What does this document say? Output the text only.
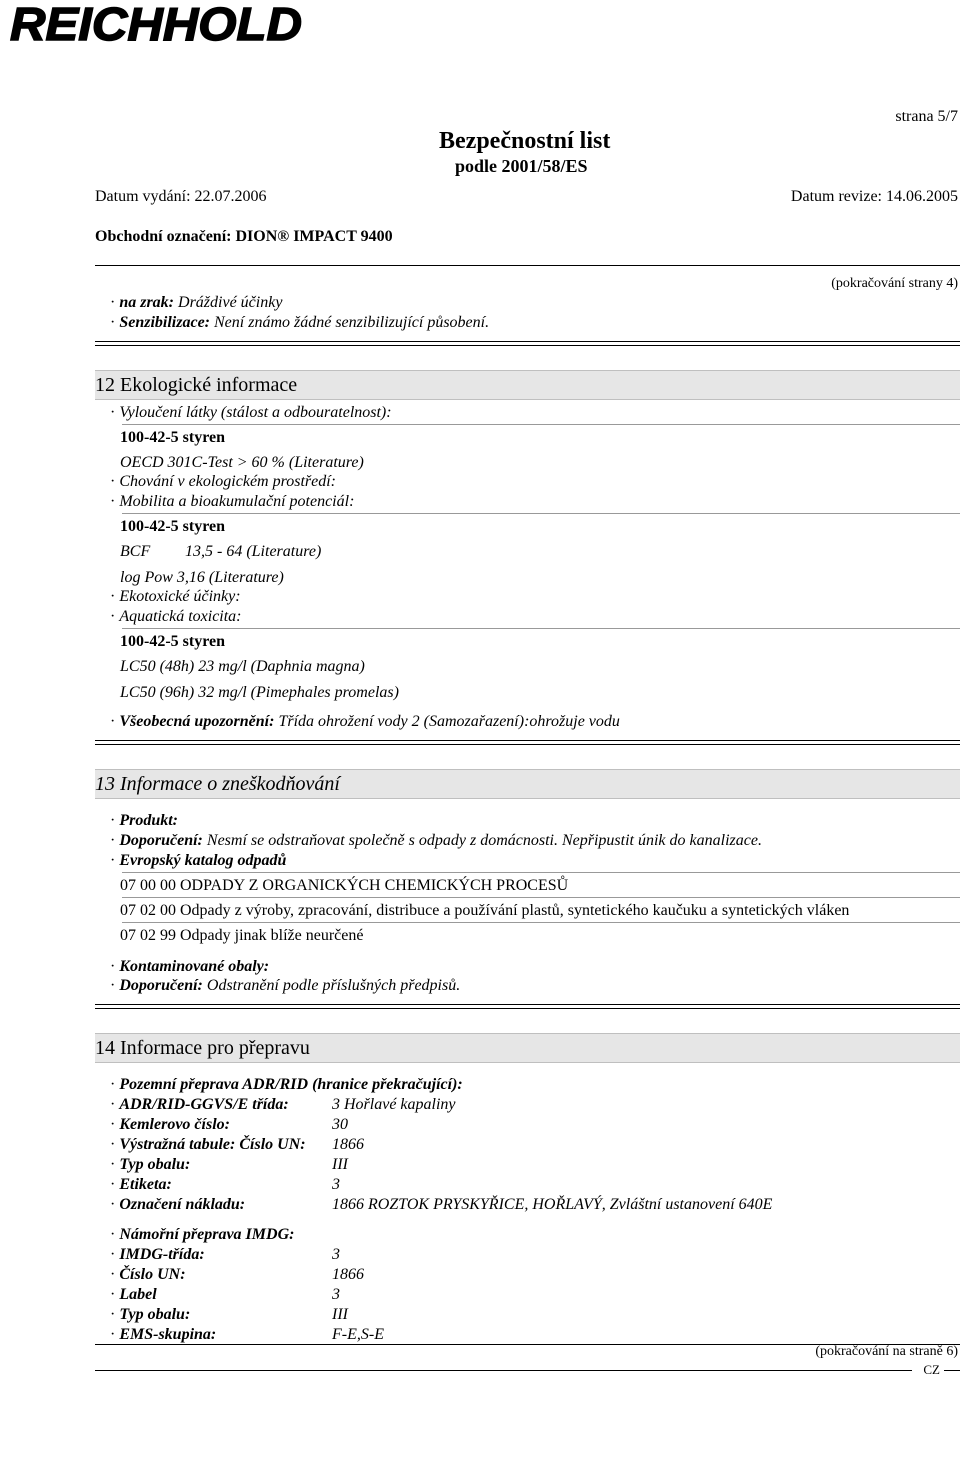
REICHHOLD
strana 5/7
Bezpečnostní list
podle 2001/58/ES
Datum vydání: 22.07.2006	Datum revize: 14.06.2005
Obchodní označení: DION® IMPACT 9400
(pokračování strany 4)
· na zrak: Dráždivé účinky
· Senzibilizace: Není známo žádné senzibilizující působení.
12 Ekologické informace
· Vyloučení látky (stálost a odbouratelnost):
100-42-5 styren
OECD 301C-Test > 60 % (Literature)
· Chování v ekologickém prostředí:
· Mobilita a bioakumulační potenciál:
100-42-5 styren
BCF 13,5 - 64 (Literature)
log Pow 3,16 (Literature)
· Ekotoxické účinky:
· Aquatická toxicita:
100-42-5 styren
LC50 (48h) 23 mg/l (Daphnia magna)
LC50 (96h) 32 mg/l (Pimephales promelas)
· Všeobecná upozornění: Třída ohrožení vody 2 (Samozařazení):ohrožuje vodu
13 Informace o zneškodňování
· Produkt:
· Doporučení: Nesmí se odstraňovat společně s odpady z domácnosti. Nepřipustit únik do kanalizace.
· Evropský katalog odpadů
07 00 00 ODPADY Z ORGANICKÝCH CHEMICKÝCH PROCESŮ
07 02 00 Odpady z výroby, zpracování, distribuce a používání plastů, syntetického kaučuku a syntetických vláken
07 02 99 Odpady jinak blíže neurčené
· Kontaminované obaly:
· Doporučení: Odstranění podle příslušných předpisů.
14 Informace pro přepravu
· Pozemní přeprava ADR/RID (hranice překračující):
· ADR/RID-GGVS/E třída:	3 Hořlavé kapaliny
· Kemlerovo číslo:	30
· Výstražná tabule: Číslo UN: 1866
· Typ obalu:	III
· Etiketa:	3
· Označení nákladu:	1866 ROZTOK PRYSKYŘICE, HOŘLAVÝ, Zvláštní ustanovení 640E
· Námořní přeprava IMDG:
· IMDG-třída:	3
· Číslo UN:	1866
· Label	3
· Typ obalu:	III
· EMS-skupina:	F-E,S-E
(pokračování na straně 6)
CZ
